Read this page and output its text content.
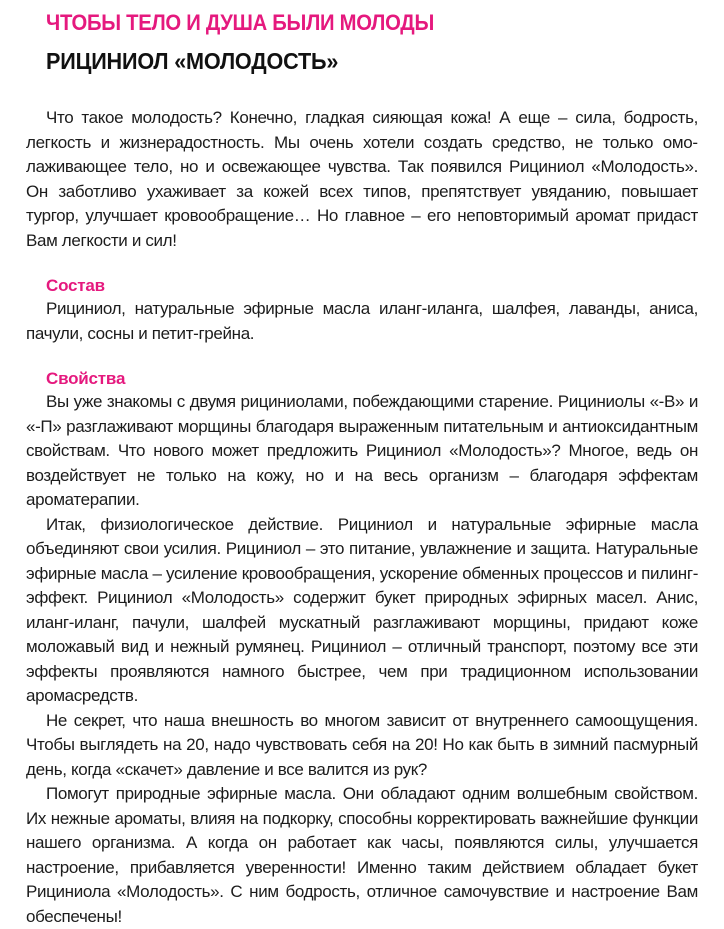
ЧТОБЫ ТЕЛО И ДУША БЫЛИ МОЛОДЫ
РИЦИНИОЛ «МОЛОДОСТЬ»

Что такое молодость? Конечно, гладкая сияющая кожа! А еще – сила, бодрость, легкость и жизнерадостность. Мы очень хотели создать средство, не только омолаживающее тело, но и освежающее чувства. Так появился Рициниол «Молодость». Он заботливо ухаживает за кожей всех типов, препятствует увяданию, повышает тургор, улучшает кровообращение… Но главное – его неповторимый аромат придаст Вам легкости и сил!

Состав

Рициниол, натуральные эфирные масла иланг-иланга, шалфея, лаванды, аниса, пачули, сосны и петит-грейна.

Свойства

Вы уже знакомы с двумя рициниолами, побеждающими старение. Рициниолы «-В» и «-П» разглаживают морщины благодаря выраженным питательным и антиоксидантным свойствам. Что нового может предложить Рициниол «Молодость»? Многое, ведь он воздействует не только на кожу, но и на весь организм – благодаря эффектам ароматерапии.

Итак, физиологическое действие. Рициниол и натуральные эфирные масла объединяют свои усилия. Рициниол – это питание, увлажнение и защита. Натуральные эфирные масла – усиление кровообращения, ускорение обменных процессов и пилинг-эффект. Рициниол «Молодость» содержит букет природных эфирных масел. Анис, иланг-иланг, пачули, шалфей мускатный разглаживают морщины, придают коже моложавый вид и нежный румянец. Рициниол – отличный транспорт, поэтому все эти эффекты проявляются намного быстрее, чем при традиционном использовании аромасредств.

Не секрет, что наша внешность во многом зависит от внутреннего самоощущения. Чтобы выглядеть на 20, надо чувствовать себя на 20! Но как быть в зимний пасмурный день, когда «скачет» давление и все валится из рук?

Помогут природные эфирные масла. Они обладают одним волшебным свойством. Их нежные ароматы, влияя на подкорку, способны корректировать важнейшие функции нашего организма. А когда он работает как часы, появляются силы, улучшается настроение, прибавляется уверенности! Именно таким действием обладает букет Рициниола «Молодость». С ним бодрость, отличное самочувствие и настроение Вам обеспечены!
